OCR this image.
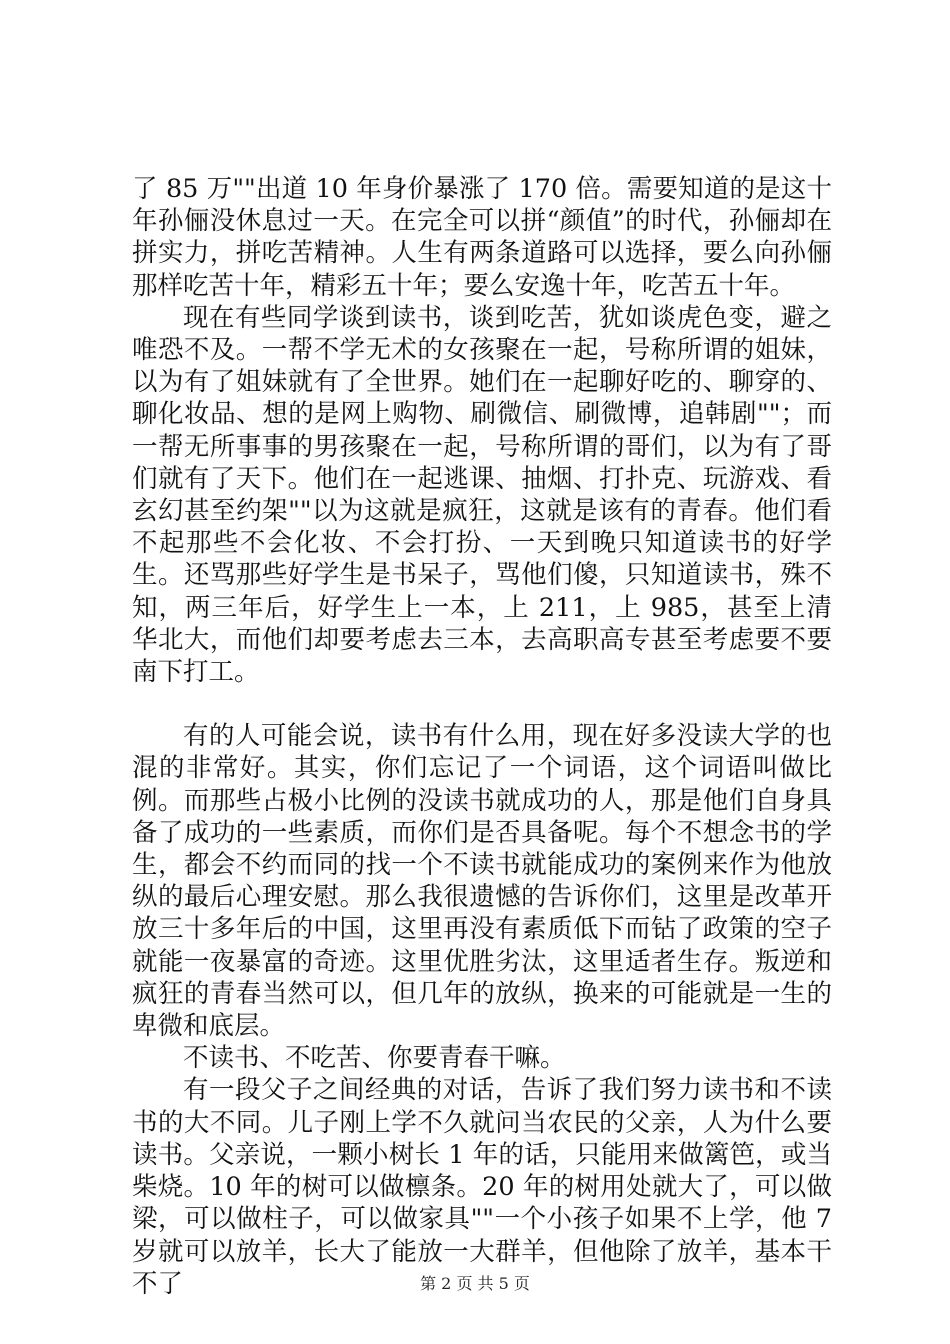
了 85 万""出道 10 年身价暴涨了 170 倍。需要知道的是这十年孙俪没休息过一天。在完全可以拼“颜值”的时代，孙俪却在拼实力，拼吃苦精神。人生有两条道路可以选择，要么向孙俪那样吃苦十年，精彩五十年；要么安逸十年，吃苦五十年。

现在有些同学谈到读书，谈到吃苦，犹如谈虎色变，避之唯恐不及。一帮不学无术的女孩聚在一起，号称所谓的姐妹，以为有了姐妹就有了全世界。她们在一起聊好吃的、聊穿的、聊化妆品、想的是网上购物、刷微信、刷微博，追韩剧""；而一帮无所事事的男孩聚在一起，号称所谓的哥们，以为有了哥们就有了天下。他们在一起逃课、抽烟、打扑克、玩游戏、看玄幻甚至约架""以为这就是疯狂，这就是该有的青春。他们看不起那些不会化妆、不会打扮、一天到晚只知道读书的好学生。还骂那些好学生是书呆子，骂他们傻，只知道读书，殊不知，两三年后，好学生上一本，上 211，上 985，甚至上清华北大，而他们却要考虑去三本，去高职高专甚至考虑要不要南下打工。

有的人可能会说，读书有什么用，现在好多没读大学的也混的非常好。其实，你们忘记了一个词语，这个词语叫做比例。而那些占极小比例的没读书就成功的人，那是他们自身具备了成功的一些素质，而你们是否具备呢。每个不想念书的学生，都会不约而同的找一个不读书就能成功的案例来作为他放纵的最后心理安慰。那么我很遗憾的告诉你们，这里是改革开放三十多年后的中国，这里再没有素质低下而钻了政策的空子就能一夜暴富的奇迹。这里优胜劣汰，这里适者生存。叛逆和疯狂的青春当然可以，但几年的放纵，换来的可能就是一生的卑微和底层。

不读书、不吃苦、你要青春干嘛。

有一段父子之间经典的对话，告诉了我们努力读书和不读书的大不同。儿子刚上学不久就问当农民的父亲，人为什么要读书。父亲说，一颗小树长 1 年的话，只能用来做篱笆，或当柴烧。10 年的树可以做檩条。20 年的树用处就大了，可以做梁，可以做柱子，可以做家具""一个小孩子如果不上学，他 7 岁就可以放羊，长大了能放一大群羊，但他除了放羊，基本干不了	第 2 页 共 5 页
